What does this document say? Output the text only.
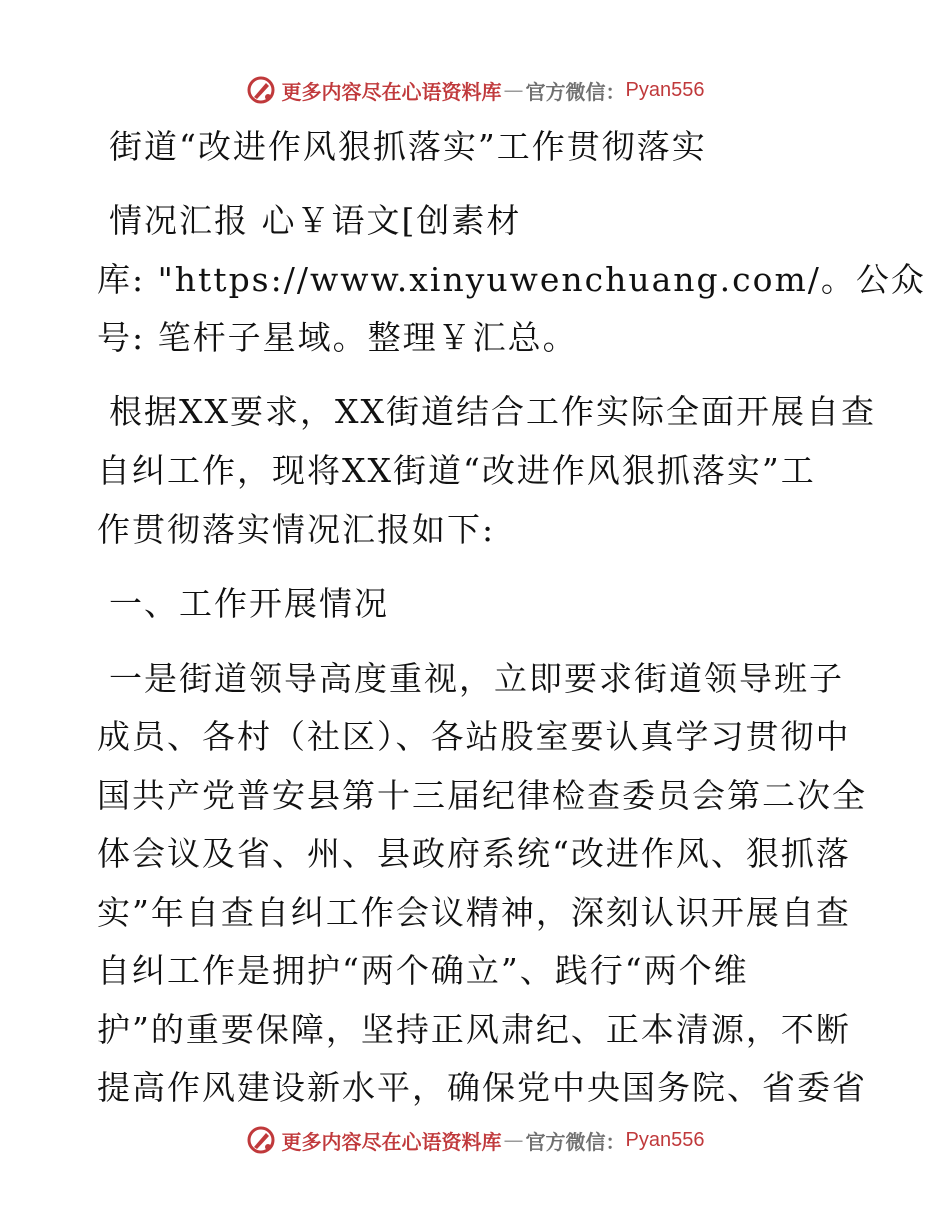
更多内容尽在心语资料库 — 官方微信： Pyan556
街道“改进作风狠抓落实”工作贯彻落实
情况汇报 心￥语文[创素材
库: "https://www.xinyuwenchuang.com/。公众
号: 笔杆子星域。整理￥汇总。
根据XX要求，XX街道结合工作实际全面开展自查
自纠工作，现将XX街道“改进作风狠抓落实”工
作贯彻落实情况汇报如下:
一、工作开展情况
一是街道领导高度重视，立即要求街道领导班子
成员、各村（社区）、各站股室要认真学习贯彻中
国共产党普安县第十三届纪律检查委员会第二次全
体会议及省、州、县政府系统“改进作风、狠抓落
实”年自查自纠工作会议精神，深刻认识开展自查
自纠工作是拥护“两个确立”、践行“两个维
护”的重要保障，坚持正风肃纪、正本清源，不断
提高作风建设新水平，确保党中央国务院、省委省
更多内容尽在心语资料库 — 官方微信： Pyan556
